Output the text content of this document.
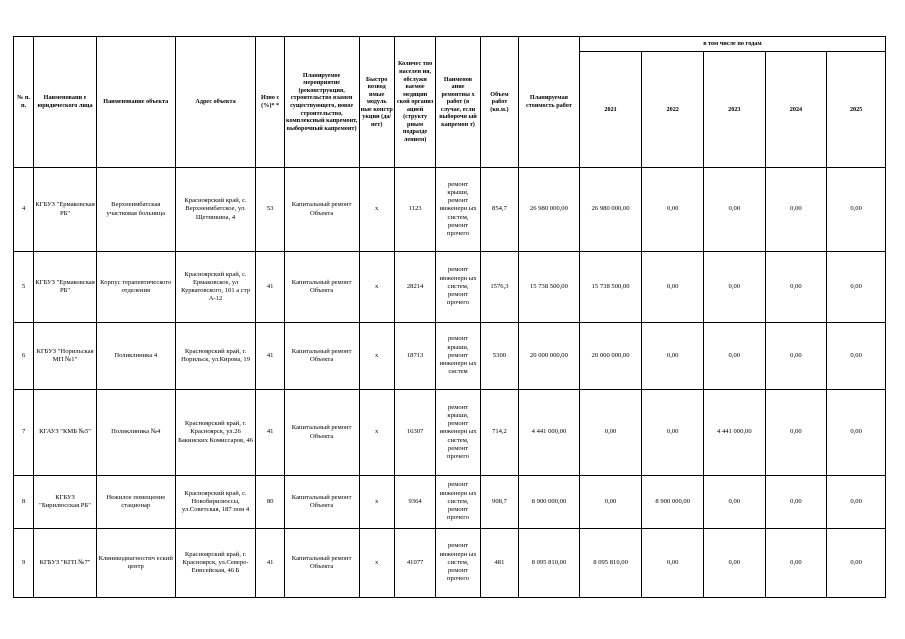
№ п. п.	Наименовани е юридического лица	Наименование объекта	Адрес объекта	Изно с (%)* *	Планируемое мероприятие (реконструкция, строительство взамен существующего, новое строительство, комплексный капремонт, выборочный капремонт)	Быстро возвод имые модуль ные констр укции (да/нет)	Количес тво населен ия, обслужи ваемое медицин ской организ ацией (структу рным подразде лением)	Наименов ание ремонтны х работ (в случае, если выборочн ый капремон т)	Объем работ (кв.м.)	Планируемая стоимость работ	в том числе по годам				
											2021	2022	2023	2024	2025
4	КГБУЗ "Ермаковская РБ"	Верхнеимбатская участковая больница	Красноярский край, с. Верхнеимбатское, ул. Щетинкина, 4	53	Капитальный ремонт Объекта	х	1123	ремонт крыши, ремонт инженерн ых систем, ремонт прочего	854,7	26 980 000,00	26 980 000,00	0,00	0,00	0,00	0,00
5	КГБУЗ "Ермаковская РБ"	Корпус терапевтического отделения	Красноярский край, с. Ермаковское, ул Курватовского, 101 а стр А-12	41	Капитальный ремонт Объекта	х	28214	ремонт инженерн ых систем, ремонт прочего	1576,3	15 738 500,00	15 738 500,00	0,00	0,00	0,00	0,00
6	КГБУЗ "Норильская МП №1"	Поликлиника 4	Красноярский край, г. Норильск, ул.Кирова, 19	41	Капитальный ремонт Объекта	х	18713	ремонт крыши, ремонт инженерн ых систем	5300	20 000 000,00	20 000 000,00	0,00	0,00	0,00	0,00
7	КГАУЗ "КМБ №5"	Поликлиника №4	Красноярский край, г. Красноярск, ул.26 Бакинских Комиссаров, 46	41	Капитальный ремонт Объекта	х	16307	ремонт крыши, ремонт инженерн ых систем, ремонт прочего	714,2	4 441 000,00	0,00	0,00	4 441 000,00	0,00	0,00
8	КГБУЗ "Бирилюсская РБ"	Нежилое помещение стационар	Красноярский край, с. Новобирилюссы, ул.Советская, 187 пом 4	80	Капитальный ремонт Объекта	х	9364	ремонт инженерн ых систем, ремонт прочего	908,7	8 900 000,00	0,00	8 900 000,00	0,00	0,00	0,00
9	КГБУЗ "КГП №7"	Клиникодиагностич еский центр	Красноярский край, г. Красноярск, ул.Северо-Енисейская, 46 Б	41	Капитальный ремонт Объекта	х	41077	ремонт инженерн ых систем, ремонт прочего	481	8 095 810,00	8 095 810,00	0,00	0,00	0,00	0,00
